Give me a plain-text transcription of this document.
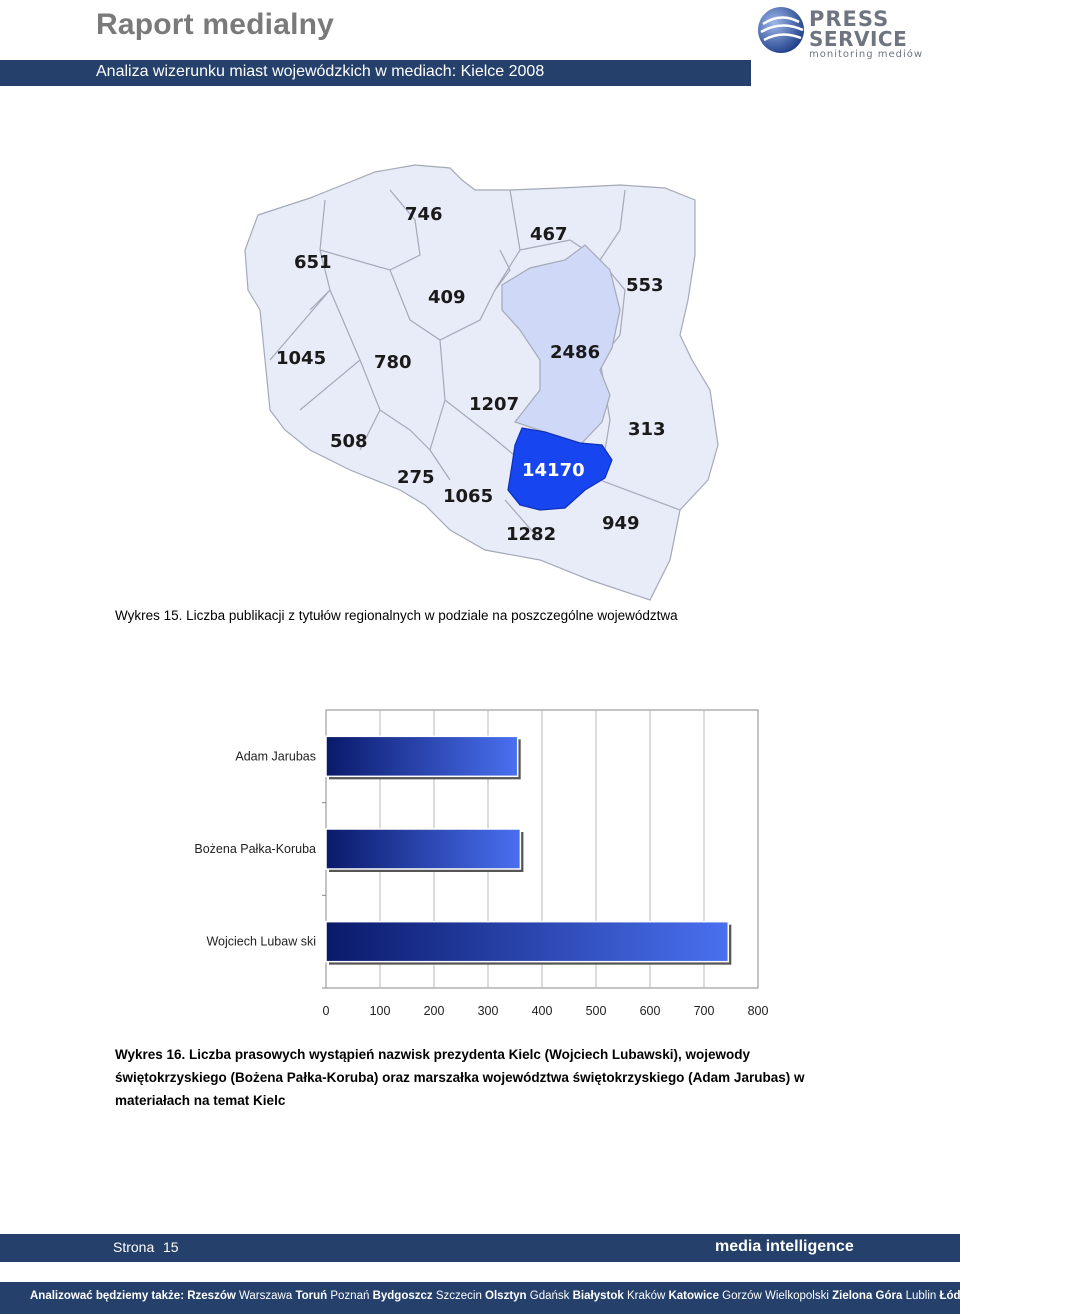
Raport medialny
Analiza wizerunku miast wojewódzkich w mediach: Kielce 2008
PRESS
SERVICE
monitoring mediów
651
746
467
553
409
1045	780	2486
1207
508
313
275
1065
14170
1282
949
Wykres 15. Liczba publikacji z tytułów regionalnych w podziale na poszczególne województwa
Adam Jarubas
Bożena Pałka-Koruba
Wojciech Lubaw ski
0	100	200	300	400	500	600	700	800
Wykres 16. Liczba prasowych wystąpień nazwisk prezydenta Kielc (Wojciech Lubawski), wojewody świętokrzyskiego (Bożena Pałka-Koruba) oraz marszałka województwa świętokrzyskiego (Adam Jarubas) w materiałach na temat Kielc
Strona 15	media intelligence
Analizować będziemy także: Rzeszów Warszawa Toruń Poznań Bydgoszcz Szczecin Olsztyn Gdańsk Białystok Kraków Katowice Gorzów Wielkopolski Zielona Góra Lublin Łódź Wrocław Opole Kielce
